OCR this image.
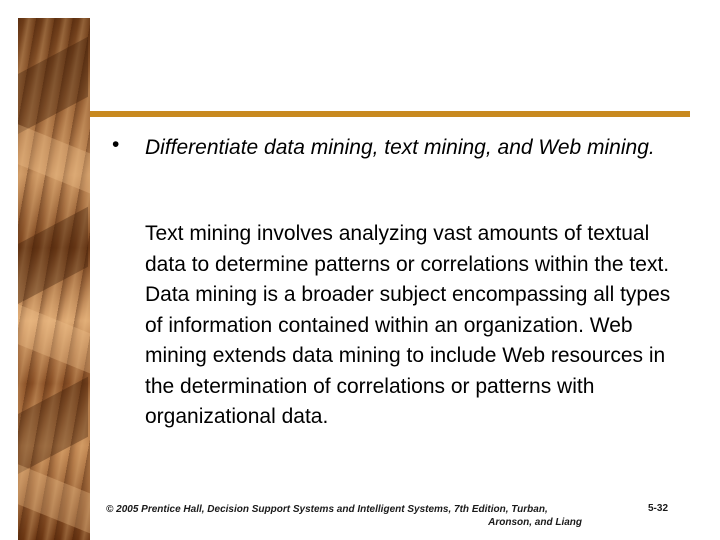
• Differentiate data mining, text mining, and Web mining.
Text mining involves analyzing vast amounts of textual data to determine patterns or correlations within the text. Data mining is a broader subject encompassing all types of information contained within an organization. Web mining extends data mining to include Web resources in the determination of correlations or patterns with organizational data.
© 2005 Prentice Hall, Decision Support Systems and Intelligent Systems, 7th Edition, Turban,
Aronson, and Liang
5-32
